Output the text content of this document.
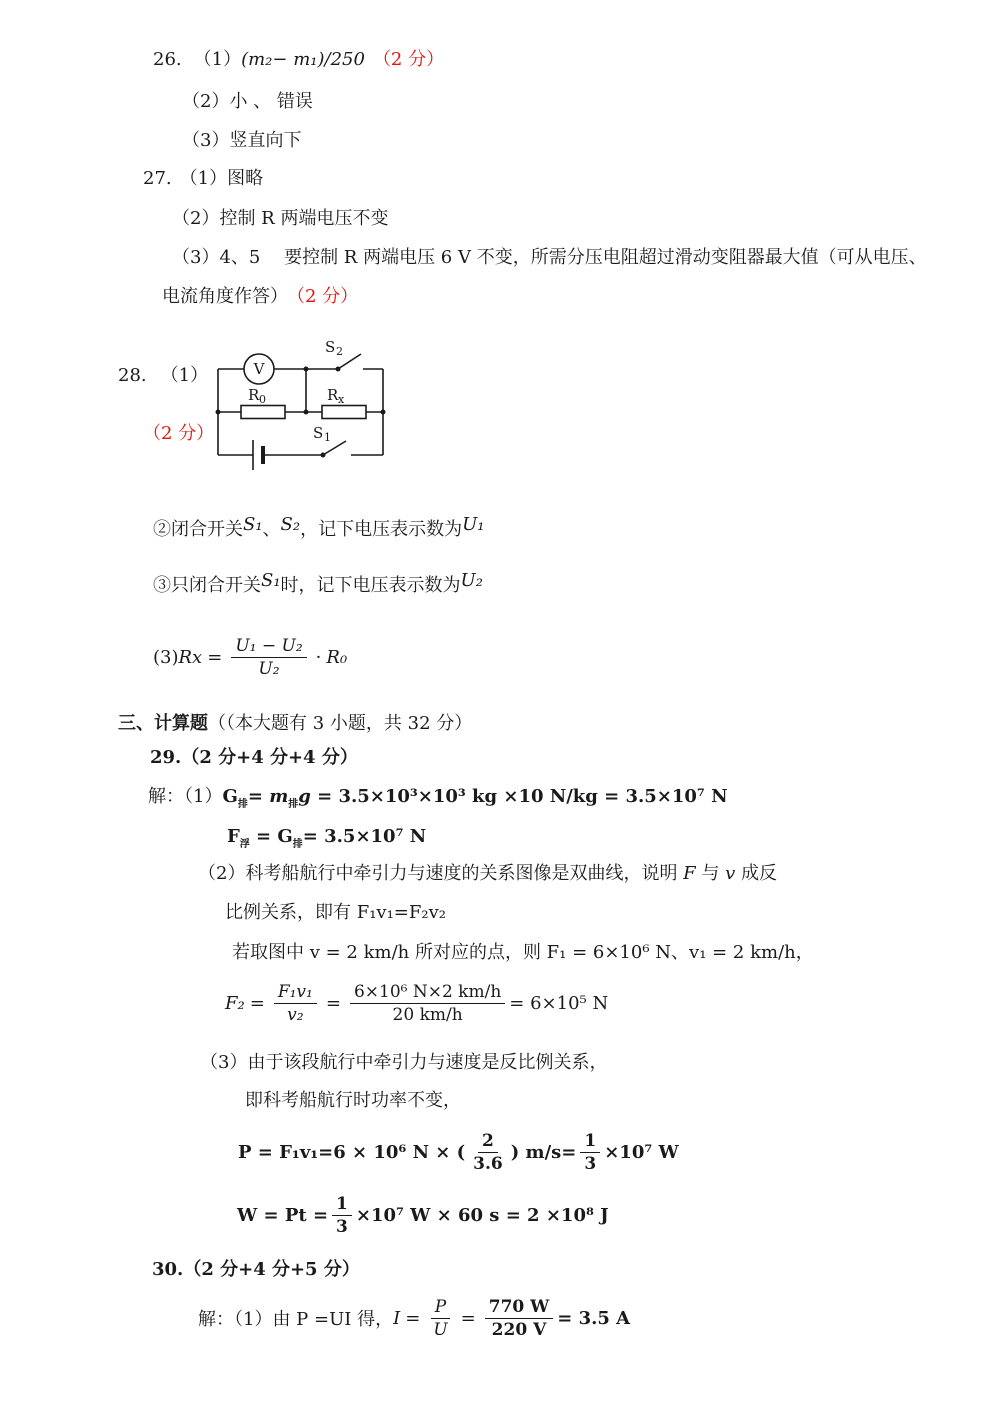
26. （1）(m₂− m₁)/250 （2 分）
（2）小 、 错误
（3）竖直向下
27. （1）图略
（2）控制 R 两端电压不变
（3）4、5　 要控制 R 两端电压 6 V 不变，所需分压电阻超过滑动变阻器最大值（可从电压、
电流角度作答） （2 分）
28. （1）
（2 分）
V
R 0	R x
S 2
S 1
②闭合开关S₁、S₂，记下电压表示数为U₁
③只闭合开关S₁时，记下电压表示数为U₂
(3) $Rx = \frac{\text{U₁ − U₂}}{\text{U₂}} \cdot R_0$
三、计算题（（本大题有 3 小题，共 32 分）
29.（2 分+4 分+4 分）
解：$(1)G_排= m_排g = 3.5\times 10^3\times 10^3$ kg ×10 N/kg = 3.5×10⁷ N
$F_浮 = G_排= 3.5\times 10^7$ N
（2）科考船航行中牵引力与速度的关系图像是双曲线，说明 F 与 v 成反
比例关系，即有 F₁v₁=F₂v₂
若取图中 v = 2 km/h 所对应的点，则 F₁ = 6×10⁶ N、v₁ = 2 km/h，
$F_2 = \frac{\text{F₁v₁}}{\text{v₂}} = \frac{\text{6×10⁶ N×2 km/h}}{20 km/h} = 6\times 10^5$ N
（3）由于该段航行中牵引力与速度是反比例关系，
即科考船航行时功率不变，
P = F₁v₁=6 × 10⁶ N × ( $\frac{2}{3.6}$ ) $m/s= \frac{1}{3} \times 10^7$ W
$W = Pt = \frac{1}{3} \times 10^7$ W × 60 s = 2 ×10⁸ J
30.（2 分+4 分+5 分）
解：（1）由 P =UI 得， $I = \frac{P}{U} = \frac{770 W}{220 V} = 3.5$ A
